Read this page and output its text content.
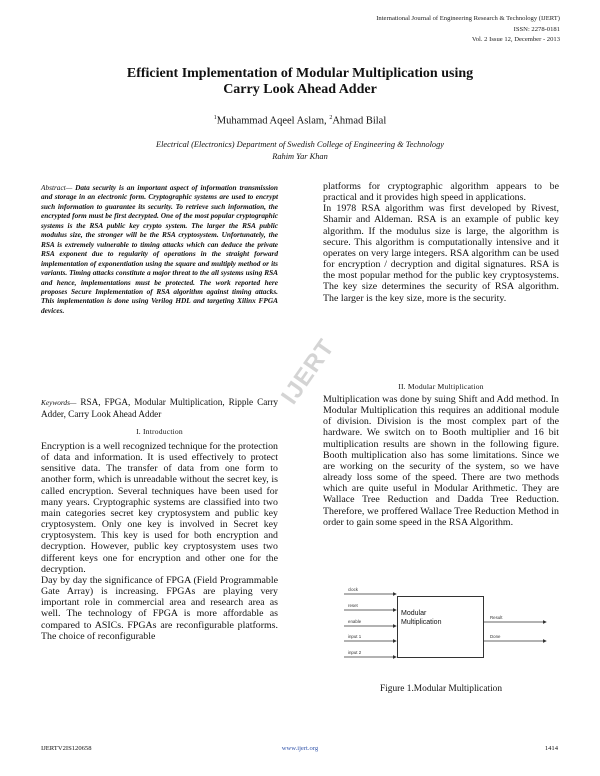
International Journal of Engineering Research & Technology (IJERT)
ISSN: 2278-0181
Vol. 2 Issue 12, December - 2013
Efficient Implementation of Modular Multiplication using
Carry Look Ahead Adder
$^1$Muhammad Aqeel Aslam, $^2$Ahmad Bilal
Electrical (Electronics) Department of Swedish College of Engineering & Technology
Rahim Yar Khan
Abstract— Data security is an important aspect of information transmission and storage in an electronic form. Cryptographic systems are used to encrypt such information to guarantee its security. To retrieve such information, the encrypted form must be first decrypted. One of the most popular cryptographic systems is the RSA public key crypto system. The larger the RSA public modulus size, the stronger will be the RSA cryptosystem. Unfortunately, the RSA is extremely vulnerable to timing attacks which can deduce the private RSA exponent due to regularity of operations in the straight forward implementation of exponentiation using the square and multiply method or its variants. Timing attacks constitute a major threat to the all systems using RSA and hence, implementations must be protected. The work reported here proposes Secure Implementation of RSA algorithm against timing attacks. This implementation is done using Verilog HDL and targeting Xilinx FPGA devices.
Keywords— RSA, FPGA, Modular Multiplication, Ripple Carry Adder, Carry Look Ahead Adder
I. Introduction

Encryption is a well recognized technique for the protection of data and information. It is used effectively to protect sensitive data. The transfer of data from one form to another form, which is unreadable without the secret key, is called encryption. Several techniques have been used for many years. Cryptographic systems are classified into two main categories secret key cryptosystem and public key cryptosystem. Only one key is involved in Secret key cryptosystem. This key is used for both encryption and decryption. However, public key cryptosystem uses two different keys one for encryption and other one for the decryption.

Day by day the significance of FPGA (Field Programmable Gate Array) is increasing. FPGAs are playing very important role in commercial area and research area as well. The technology of FPGA is more affordable as compared to ASICs. FPGAs are reconfigurable platforms. The choice of reconfigurable

platforms for cryptographic algorithm appears to be practical and it provides high speed in applications.

In 1978 RSA algorithm was first developed by Rivest, Shamir and Aldeman. RSA is an example of public key algorithm. If the modulus size is large, the algorithm is secure. This algorithm is computationally intensive and it operates on very large integers. RSA algorithm can be used for encryption / decryption and digital signatures. RSA is the most popular method for the public key cryptosystems. The key size determines the security of RSA algorithm. The larger is the key size, more is the security.

II. Modular Multiplication

Multiplication was done by suing Shift and Add method. In Modular Multiplication this requires an additional module of division. Division is the most complex part of the hardware. We switch on to Booth multiplier and 16 bit multiplication results are shown in the following figure. Booth multiplication also has some limitations. Since we are working on the security of the system, so we have already loss some of the speed. There are two methods which are quite useful in Modular Arithmetic. They are Wallace Tree Reduction and Dadda Tree Reduction. Therefore, we proffered Wallace Tree Reduction Method in order to gain some speed in the RSA Algorithm.

IJERT
clock
reset
enable
input 1
input 2
Result
Done
Modular
Multiplication
Figure 1.Modular Multiplication
IJERTV2IS120658	www.ijert.org	1414
